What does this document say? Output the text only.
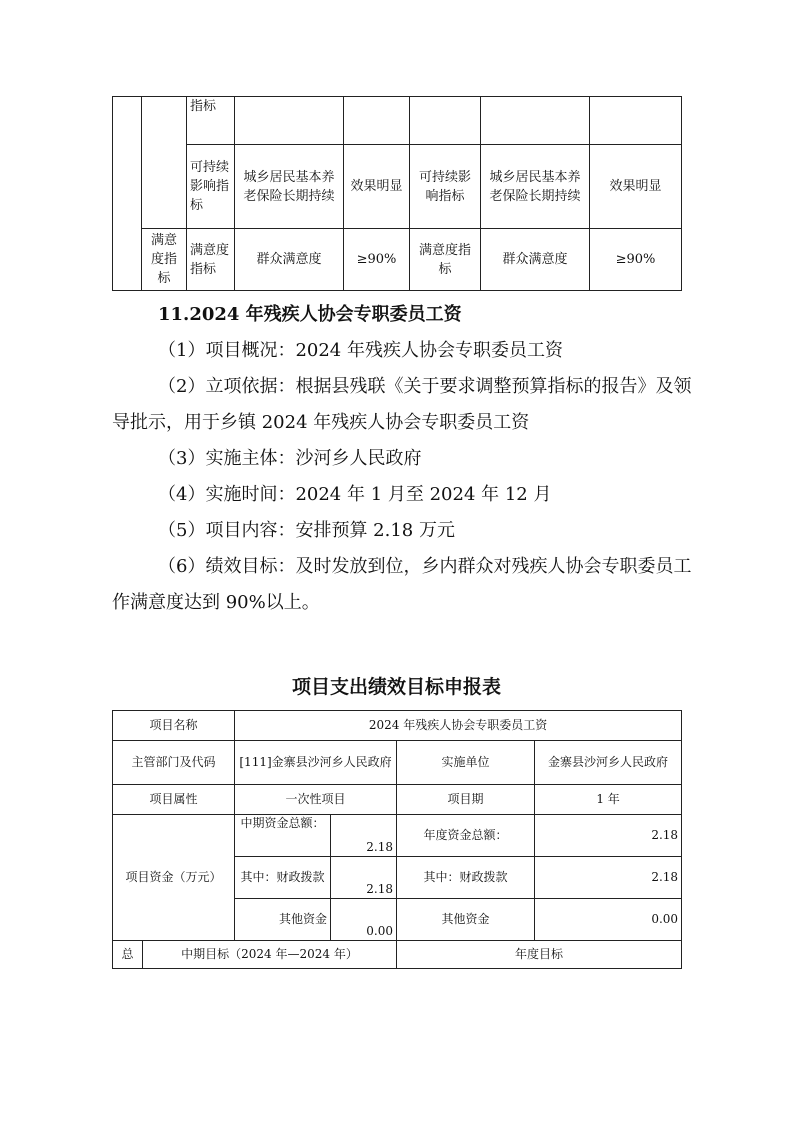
		指标					
		可持续影响指标	城乡居民基本养老保险长期持续	效果明显	可持续影响指标	城乡居民基本养老保险长期持续	效果明显
	满意度指标	满意度指标	群众满意度	≥90%	满意度指标	群众满意度	≥90%

11.2024 年残疾人协会专职委员工资

（1）项目概况：2024 年残疾人协会专职委员工资

（2）立项依据：根据县残联《关于要求调整预算指标的报告》及领导批示，用于乡镇 2024 年残疾人协会专职委员工资

（3）实施主体：沙河乡人民政府

（4）实施时间：2024 年 1 月至 2024 年 12 月

（5）项目内容：安排预算 2.18 万元

（6）绩效目标：及时发放到位，乡内群众对残疾人协会专职委员工作满意度达到 90%以上。

项目支出绩效目标申报表
项目名称		2024 年残疾人协会专职委员工资			
主管部门及代码		[111]金寨县沙河乡人民政府		实施单位	金寨县沙河乡人民政府
项目属性		一次性项目		项目期	1 年
项目资金（万元）		中期资金总额：	2.18	年度资金总额：	2.18
		其中：财政拨款	2.18	其中：财政拨款	2.18
		其他资金	0.00	其他资金	0.00
总	中期目标（2024 年—2024 年）			年度目标	
